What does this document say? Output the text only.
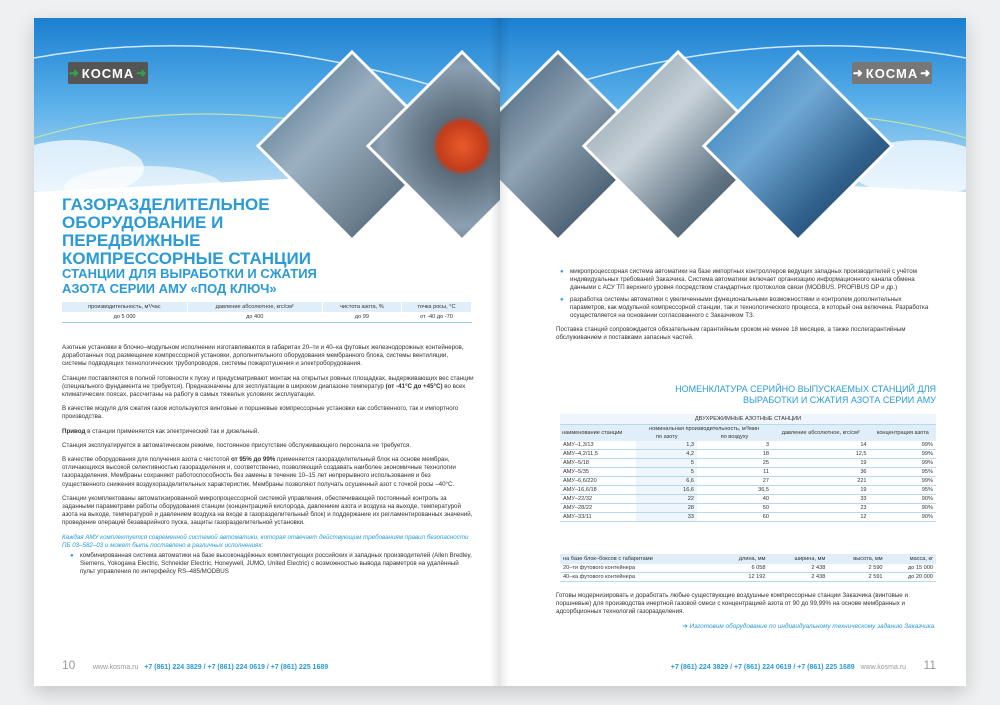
➜ КОСМА ➜
ГАЗОРАЗДЕЛИТЕЛЬНОЕ ОБОРУДОВАНИЕ И ПЕРЕДВИЖНЫЕ КОМПРЕССОРНЫЕ СТАНЦИИ
СТАНЦИИ ДЛЯ ВЫРАБОТКИ И СЖАТИЯ АЗОТА СЕРИИ АМУ «ПОД КЛЮЧ»
производительность, м³/час	давление абсолютное, кгс/см²	чистота азота, %	точка росы, °С
до 5 000	до 400	до 99	от -40 до -70

Азотные установки в блочно–модульном исполнении изготавливаются в габаритах 20–ти и 40–ка футовых железнодорожных контейнеров, доработанных под размещение компрессорной установки, дополнительного оборудования мембранного блока, системы вентиляции, системы подводящих технологических трубопроводов, системы пожаротушения и электроборудования.

Станции поставляются в полной готовности к пуску и предусматривают монтаж на открытых ровных площадках, выдерживающих вес станции (специального фундамента не требуется). Предназначены для эксплуатации в широком диапазоне температур (от -41°С до +45°С) во всех климатических поясах, рассчитаны на работу в самых тяжелых условиях эксплуатации.

В качестве модуля для сжатия газов используются винтовые и поршневые компрессорные установки как собственного, так и импортного производства.

Привод в станции применяется как электрический так и дизельный.

Станция эксплуатируется в автоматическом режиме, постоянное присутствие обслуживающего персонала не требуется.

В качестве оборудования для получения азота с чистотой от 95% до 99% применяется газоразделительный блок на основе мембран, отличающихся высокой селективностью газоразделения и, соответственно, позволяющий создавать наиболее экономичные технологии газоразделения. Мембраны сохраняют работоспособность без замены в течение 10–15 лет непрерывного использования и без существенного снижения воздухоразделительных характеристик. Мембраны позволяют получать осушенный азот с точкой росы –40°С.

Станции укомплектованы автоматизированной микропроцессорной системой управления, обеспечивающей постоянный контроль за заданными параметрами работы оборудования станции (концентрацией кислорода, давлением азота и воздуха на выходе, температурой азота на выходе, температурой и давлением воздуха на входе в газоразделительный блок) и поддержание их регламентированных значений, проведение операций безаварийного пуска, защиты газоразделительной установки.

Каждая АМУ комплектуется современной системой автоматики, которая отвечает действующим требованиям правил безопасности ПБ 03–582–03 и может быть поставлено в различных исполнениях:

● комбинированная система автоматики на базе высоконадёжных комплектующих российских и западных производителей (Allen Bredley, Siemens, Yokogawa Electric, Schneider Electric, Honeywell, JUMO, United Electric) с возможностью вывода параметров на удалённый пульт управления по интерфейсу RS–485/MODBUS
10	www.kosma.ru +7 (861) 224 3829 / +7 (861) 224 0619 / +7 (861) 225 1689
➜ КОСМА ➜
● микропроцессорная система автоматики на базе импортных контроллеров ведущих западных производителей с учётом индивидуальных требований Заказчика. Система автоматики включает организацию информационного канала обмена данными с АСУ ТП верхнего уровня посредством стандартных протоколов связи (MODBUS, PROFIBUS DP и др.)
● разработка системы автоматики с увеличенными функциональными возможностями и контролем дополнительных параметров, как модульной компрессорной станции, так и технологического процесса, в который она включена. Разработка осуществляется на основании согласованного с Заказчиком ТЗ.

Поставка станций сопровождается обязательным гарантийным сроком не менее 18 месяцев, а также послегарантийным обслуживанием и поставками запасных частей.

НОМЕНКЛАТУРА СЕРИЙНО ВЫПУСКАЕМЫХ СТАНЦИЙ ДЛЯ ВЫРАБОТКИ И СЖАТИЯ АЗОТА СЕРИИ АМУ
ДВУХРЕЖИМНЫЕ АЗОТНЫЕ СТАНЦИИ				
наименование станции	номинальная производительность, м³/мин		давление абсолютное, кгс/см²	концентрация азота
	по азоту	по воздуху		
АМУ–1,3/13	1,3	3	14	99%
АМУ–4,2/11,5	4,2	18	12,5	99%
АМУ–5/18	5	25	19	99%
АМУ–5/35	5	11	36	95%
АМУ–6,6/220	6,6	27	221	99%
АМУ–16,6/18	16,6	36,5	19	95%
АМУ–22/32	22	40	33	90%
АМУ–28/22	28	50	23	90%
АМУ–33/11	33	60	12	90%
на базе блок–боксов с габаритами	длина, мм	ширина, мм	высота, мм	масса, кг
20–ти футового контейнера	6 058	2 438	2 590	до 15 000
40–ка футового контейнера	12 192	2 438	2 591	до 20 000

Готовы модернизировать и доработать любые существующие воздушные компрессорные станции Заказчика (винтовые и поршневые) для производства инертной газовой смеси с концентрацией азота от 90 до 99,99% на основе мембранных и адсорбционных технологий газоразделения.

➜ Изготовим оборудование по индивидуальному техническому заданию Заказчика.
+7 (861) 224 3829 / +7 (861) 224 0619 / +7 (861) 225 1689 www.kosma.ru 11
